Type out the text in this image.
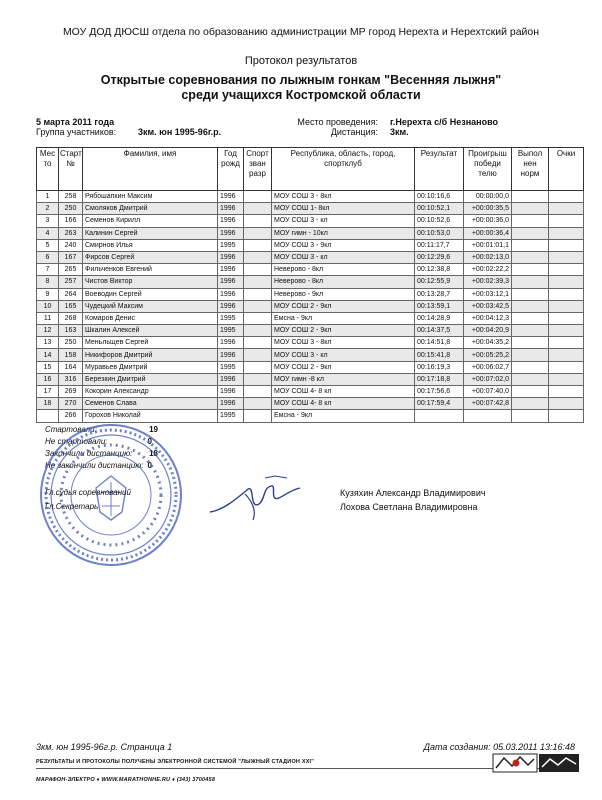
МОУ ДОД ДЮСШ отдела по образованию администрации МР город Нерехта и Нерехтский район
Протокол результатов
Открытые соревнования по лыжным гонкам "Весенняя лыжня"
среди учащихся Костромской области
5 марта 2011 года
Группа участников: 3км. юн 1995-96г.р.
Место проведения: г.Нерехта с/б Незнаново
Дистанция: 3км.
Мес то	Старт №	Фамилия, имя	Год рожд	Спорт зван разр	Республика, область, город, спортклуб	Результат	Проигрыш победи телю	Выпол нен норм	Очки
1	258	Рябошапкин Максим	1996		МОУ СОШ 3 - 8кл	00:10:16,6	00:00:00,0		
2	250	Смоляков Дмитрий	1996		МОУ СОШ 1- 8кл	00:10:52,1	+00:00:35,5		
3	166	Семенов Кирилл	1996		МОУ СОШ 3 - кл	00:10:52,6	+00:00:36,0		
4	263	Калинин Сергей	1996		МОУ гимн - 10кл	00:10:53,0	+00:00:36,4		
5	240	Смирнов Илья	1995		МОУ СОШ 3 - 9кл	00:11:17,7	+00:01:01,1		
6	167	Фирсов Сергей	1996		МОУ СОШ 3 - кл	00:12:29,6	+00:02:13,0		
7	265	Фильченков Евгений	1996		Неверово - 8кл	00:12:38,8	+00:02:22,2		
8	257	Чистов Виктор	1996		Неверово - 8кл	00:12:55,9	+00:02:39,3		
9	264	Воеводин Сергей	1996		Неверово - 9кл	00:13:28,7	+00:03:12,1		
10	165	Чудецкий Максим	1996		МОУ СОШ 2 - 9кл	00:13:59,1	+00:03:42,5		
11	268	Комаров Денис	1995		Емсна - 9кл	00:14:28,9	+00:04:12,3		
12	163	Шкалин Алексей	1995		МОУ СОШ 2 - 9кл	00:14:37,5	+00:04:20,9		
13	250	Меньльщев Сергей	1996		МОУ СОШ 3 - 8кл	00:14:51,8	+00:04:35,2		
14	158	Никифоров Дмитрий	1996		МОУ СОШ 3 - кл	00:15:41,8	+00:05:25,2		
15	164	Муравьев Дмитрий	1995		МОУ СОШ 2 - 9кл	00:16:19,3	+00:06:02,7		
16	316	Березкин Дмитрий	1996		МОУ гимн -8 кл	00:17:18,8	+00:07:02,0		
17	269	Кокорин Александр	1996		МОУ СОШ 4- 8 кл	00:17:56,6	+00:07:40,0		
18	270	Семенов Слава	1996		МОУ СОШ 4- 8 кл	00:17:59,4	+00:07:42,8		
	266	Горохов Николай	1995		Емсна - 9кл				
Стартовали:	19
Не стартовали:	0
Закончили дистанцию:	18
Не закончили дистанцию: 0
Гл.судья соревнований	Кузяхин Александр Владимирович
Гл.Секретарь	Лохова Светлана Владимировна
3км. юн 1995-96г.р. Страница 1	Дата создания: 05.03.2011 13:16:48
РЕЗУЛЬТАТЫ И ПРОТОКОЛЫ ПОЛУЧЕНЫ ЭЛЕКТРОННОЙ СИСТЕМОЙ "ЛЫЖНЫЙ СТАДИОН XXI"
МАРАФОН-ЭЛЕКТРО ♦ WWW.MARATHONHE.RU ♦ (343) 3700458
